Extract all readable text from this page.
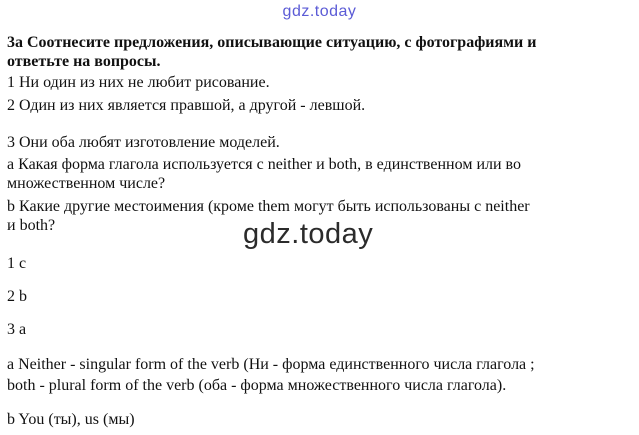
gdz.today
3a Соотнесите предложения, описывающие ситуацию, с фотографиями и
ответьте на вопросы.
1 Ни один из них не любит рисование.
2 Один из них является правшой, а другой - левшой.
3 Они оба любят изготовление моделей.
a Какая форма глагола используется с neither и both, в единственном или во
множественном числе?
b Какие другие местоимения (кроме them могут быть использованы с neither
и both?	gdz.today
1 c
2 b
3 a
a Neither - singular form of the verb (Ни - форма единственного числа глагола ;
both - plural form of the verb (оба - форма множественного числа глагола).
b You (ты), us (мы)
